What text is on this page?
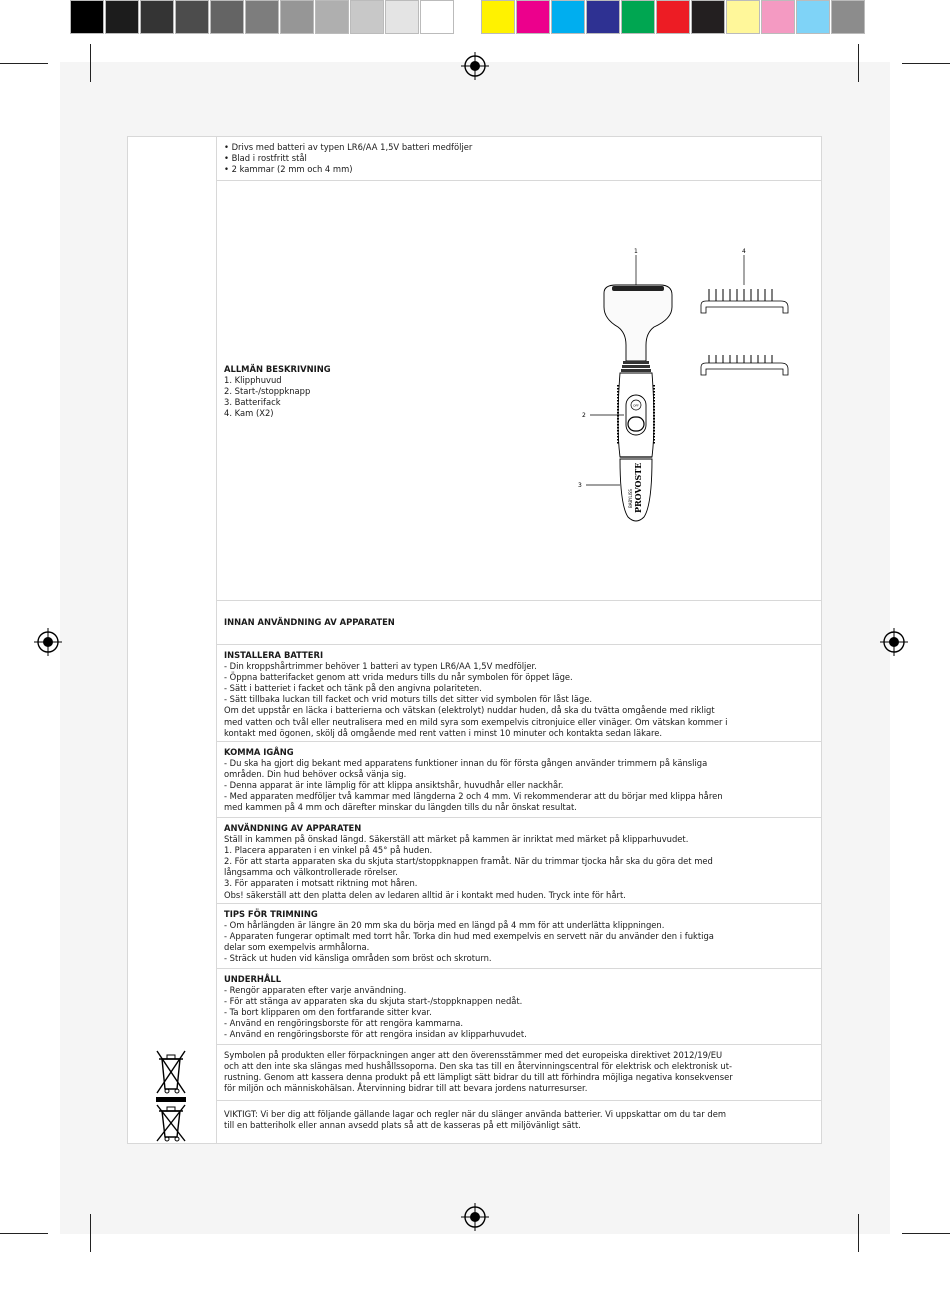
• Drivs med batteri av typen LR6/AA 1,5V batteri medföljer
• Blad i rostfritt stål
• 2 kammar (2 mm och 4 mm)
ALLMÄN BESKRIVNING
1. Klipphuvud
2. Start-/stoppknapp
3. Batterifack
4. Kam (X2)
OFF
BABYLISS PROVOSTE
1
2
3
4
INNAN ANVÄNDNING AV APPARATEN
INSTALLERA BATTERI
- Din kroppshårtrimmer behöver 1 batteri av typen LR6/AA 1,5V medföljer.
- Öppna batterifacket genom att vrida medurs tills du når symbolen för öppet läge.
- Sätt i batteriet i facket och tänk på den angivna polariteten.
- Sätt tillbaka luckan till facket och vrid moturs tills det sitter vid symbolen för låst läge.
Om det uppstår en läcka i batterierna och vätskan (elektrolyt) nuddar huden, då ska du tvätta omgående med rikligt
med vatten och tvål eller neutralisera med en mild syra som exempelvis citronjuice eller vinäger. Om vätskan kommer i
kontakt med ögonen, skölj då omgående med rent vatten i minst 10 minuter och kontakta sedan läkare.
KOMMA IGÅNG
- Du ska ha gjort dig bekant med apparatens funktioner innan du för första gången använder trimmern på känsliga
områden. Din hud behöver också vänja sig.
- Denna apparat är inte lämplig för att klippa ansiktshår, huvudhår eller nackhår.
- Med apparaten medföljer två kammar med längderna 2 och 4 mm. Vi rekommenderar att du börjar med klippa håren
med kammen på 4 mm och därefter minskar du längden tills du når önskat resultat.
ANVÄNDNING AV APPARATEN
Ställ in kammen på önskad längd. Säkerställ att märket på kammen är inriktat med märket på klipparhuvudet.
1. Placera apparaten i en vinkel på 45° på huden.
2. För att starta apparaten ska du skjuta start/stoppknappen framåt. När du trimmar tjocka hår ska du göra det med
långsamma och välkontrollerade rörelser.
3. För apparaten i motsatt riktning mot håren.
Obs! säkerställ att den platta delen av ledaren alltid är i kontakt med huden. Tryck inte för hårt.
TIPS FÖR TRIMNING
- Om hårlängden är längre än 20 mm ska du börja med en längd på 4 mm för att underlätta klippningen.
- Apparaten fungerar optimalt med torrt hår. Torka din hud med exempelvis en servett när du använder den i fuktiga
delar som exempelvis armhålorna.
- Sträck ut huden vid känsliga områden som bröst och skroturn.
UNDERHÅLL
- Rengör apparaten efter varje användning.
- För att stänga av apparaten ska du skjuta start-/stoppknappen nedåt.
- Ta bort klipparen om den fortfarande sitter kvar.
- Använd en rengöringsborste för att rengöra kammarna.
- Använd en rengöringsborste för att rengöra insidan av klipparhuvudet.
Symbolen på produkten eller förpackningen anger att den överensstämmer med det europeiska direktivet 2012/19/EU
och att den inte ska slängas med hushållssoporna. Den ska tas till en återvinningscentral för elektrisk och elektronisk ut-
rustning. Genom att kassera denna produkt på ett lämpligt sätt bidrar du till att förhindra möjliga negativa konsekvenser
för miljön och människohälsan. Återvinning bidrar till att bevara jordens naturresurser.
VIKTIGT: Vi ber dig att följande gällande lagar och regler när du slänger använda batterier. Vi uppskattar om du tar dem
till en batteriholk eller annan avsedd plats så att de kasseras på ett miljövänligt sätt.
